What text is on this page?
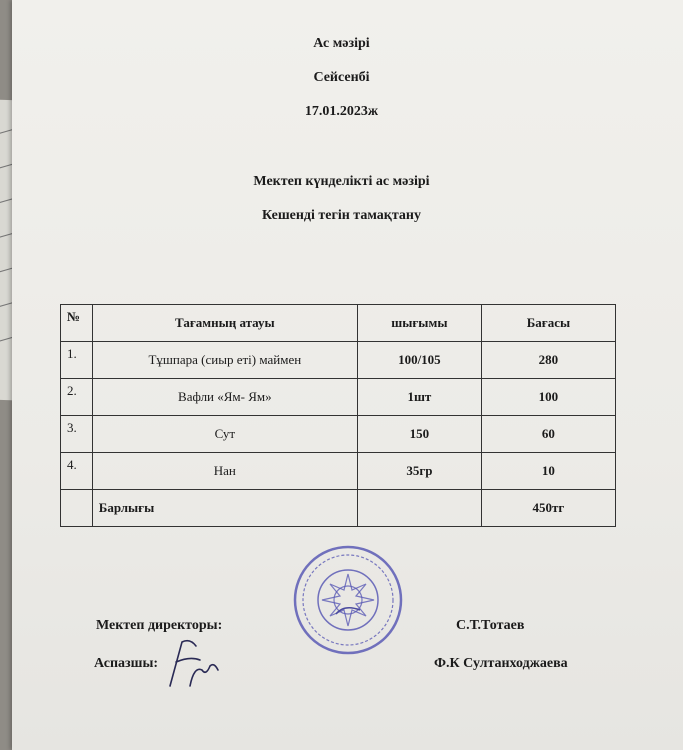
Ас мәзірі
Сейсенбі
17.01.2023ж
Мектеп күнделікті ас мәзірі
Кешенді тегін тамақтану
№	Тағамның атауы	шығымы	Бағасы
1.	Тұшпара (сиыр еті) маймен	100/105	280
2.	Вафли «Ям- Ям»	1шт	100
3.	Сут	150	60
4.	Нан	35гр	10
	Барлығы		450тг
Мектеп директоры:	С.Т.Тотаев
Аспазшы:	Ф.К Султанходжаева
